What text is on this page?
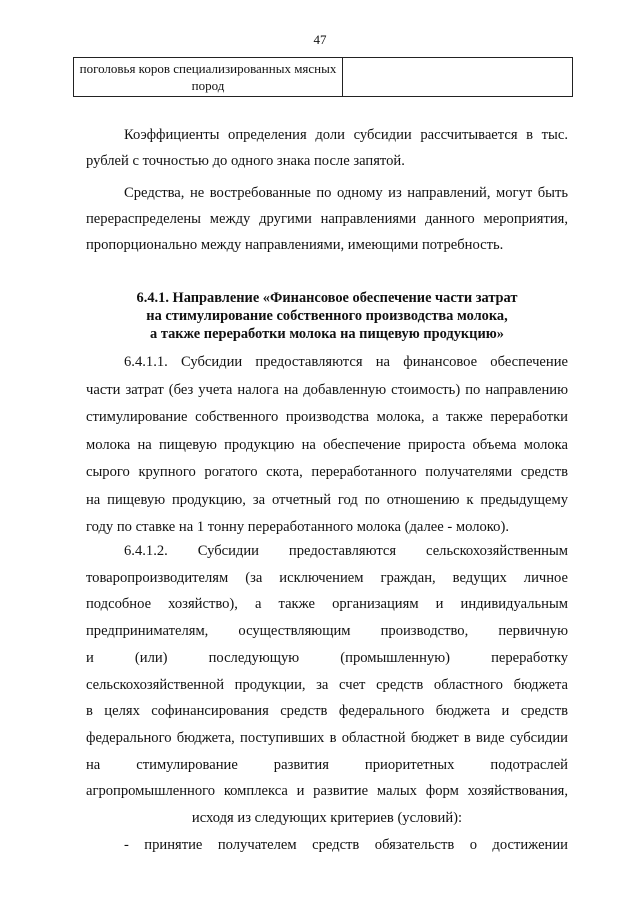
47
поголовья коров специализированных мясных
пород	
Коэффициенты определения доли субсидии рассчитывается в тыс.
рублей с точностью до одного знака после запятой.
Средства, не востребованные по одному из направлений, могут быть
перераспределены между другими направлениями данного мероприятия,
пропорционально между направлениями, имеющими потребность.
6.4.1. Направление «Финансовое обеспечение части затрат
на стимулирование собственного производства молока,
а также переработки молока на пищевую продукцию»
6.4.1.1. Субсидии предоставляются на финансовое обеспечение
части затрат (без учета налога на добавленную стоимость) по направлению
стимулирование собственного производства молока, а также переработки
молока на пищевую продукцию на обеспечение прироста объема молока
сырого крупного рогатого скота, переработанного получателями средств
на пищевую продукцию, за отчетный год по отношению к предыдущему
году по ставке на 1 тонну переработанного молока (далее - молоко).
6.4.1.2. Субсидии предоставляются сельскохозяйственным
товаропроизводителям (за исключением граждан, ведущих личное
подсобное хозяйство), а также организациям и индивидуальным
предпринимателям, осуществляющим производство, первичную
и (или) последующую (промышленную) переработку
сельскохозяйственной продукции, за счет средств областного бюджета
в целях софинансирования средств федерального бюджета и средств
федерального бюджета, поступивших в областной бюджет в виде субсидии
на стимулирование развития приоритетных подотраслей
агропромышленного комплекса и развитие малых форм хозяйствования,
исходя из следующих критериев (условий):
- принятие получателем средств обязательств о достижении
